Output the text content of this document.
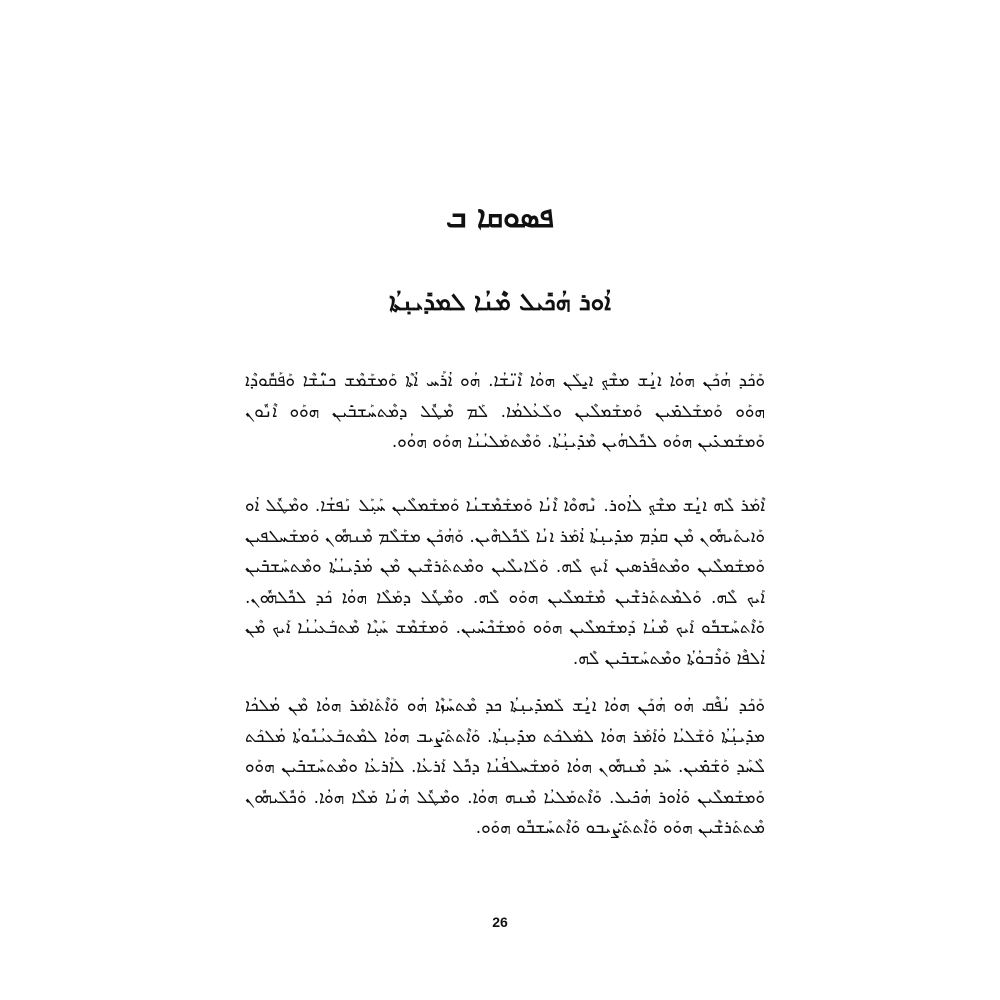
ܦܣܘܩܐ ܒ
ܐܳܘܪ ܗܳܟܺܝܠ ܡܶܢܳܐ ܠܡܕܺܝܢ݂ܬܳܐ

ܘܰܟܰܕ ܗܳܟܰܢ ܗܘܳܐ ܐ̱ܢܳܫ ܡܫܶܟ݂ ܐ̱ܝܠܰܢ ܗܘܳܐ ܐܶܢ̈ܫܳܐ. ܗܳܘ ܐܳܪܰܚ ܐܳܬܶܐ ܘܰܡܫܰܡܶܫ ܟܢ̈ܳܫܶܐ ܘܰܦܰܩܽܘܕܶܐ ܗܘܰܘ ܘܰܡܫܰܠܡܺܝܢ ܘܰܡܫܰܡܠܶܝܢ ܘܠܰܥܳܠܡܳܐ. ܠܰܡ ܡܶܛܽܠ ܕܡܶܬܚܰܫܒܺܝܢ ܗܘܰܘ ܐܶܢܽܘܢ ܘܰܡܫܰܡܥܺܝܢ ܗܘܰܘ ܠܟܽܠܗܳܝܢ ܡܶܕܺܝܢ݂ܳܬܳܐ. ܘܰܡܶܬܡܰܠܝܳܢܳܐ ܗܘܰܘ ܗܘܳܘ.

ܐܶܡܰܪ ܠܶܗ ܐ̱ܢܳܫ ܡܫܶܟ݂ ܠܐܳܘܪ. ܢܶܗܘܶܐ ܐܶܢܳܐ ܘܰܡܫܰܡܶܫܢܳܐ ܘܰܡܫܰܡܠܶܝܢ ܚܰܝ݂ܰܠ ܢܰܦܫܳܐ. ܘܡܶܛܽܠ ܐܳܘ ܘܰܐܝܬܰܝܗܽܘܢ ܡܶܢ ܩܕܳܡ ܡܕܺܝܢ݂ܬܳܐ ܐܳܡܰܪ ܐܢܳܐ ܠܰܟܽܠܗܶܝܢ. ܘܰܗܳܟܰܢ ܡܫܰܠܶܡ ܡܶܢܗܽܘܢ ܘܰܡܫܰܚܠܦܝܢ ܘܰܡܫܰܡܠܶܝܢ ܘܡܶܬܦܰܪܣܝܢ ܐܰܝܟ ܠܶܗ. ܘܰܠܰܐܝܠܶܝܢ ܘܡܶܬܬܰܪܫܶܝܢ ܡܶܢ ܡܳܕܺܝܢܳܬܳܐ ܘܡܶܬܚܰܫܒܺܝܢ ܐܰܝܟ ܠܶܗ. ܘܰܠܡܶܬܬܰܪܫܶܝܢ ܡܶܫܰܡܠܶܝܢ ܗܘܰܘ ܠܶܗ. ܘܡܶܛܽܠ ܕܡܰܠܶܐ ܗܘܳܐ ܟܰܕ ܠܟܽܠܗܽܘܢ. ܘܰܐܶܬܚܰܫܒܽܘ ܐܰܝܟ ܡܶܢܳܐ ܕܰܡܫܰܡܠܶܝܢ ܗܘܰܘ ܘܰܡܫܰܟܶܚܺܝܢ. ܘܰܡܫܰܡܶܫ ܚܰܝ݂ܶܐ ܡܶܬܒܰܥܝܳܢܳܐ ܐܰܝܟ ܡܶܢ ܐܳܠܦܶܐ ܘܰܪܶܒܘܳܬܳܐ ܘܡܶܬܚܰܫܒܺܝܢ ܠܶܗ.

ܘܰܟܰܕ ܢܳܦܶܩ ܗܳܘ ܗܳܟܰܢ ܗܘܳܐ ܐ̱ܢܳܫ ܠܰܡܕܺܝܢ݂ܬܳܐ ܟܕ ܡܶܬܚܰܙܶܐ ܗܳܘ ܘܰܐܶܬܰܐܡܰܪ ܗܘܳܐ ܡܶܢ ܡܳܠܟܳܐ ܡܕܺܝܢ݂ܳܬܳܐ ܘܰܫܰܠܝܳܐ ܘܳܐܰܡܰܪ ܗܘܳܐ ܠܡܰܠܟܰܬ ܡܕܺܝܢ݂ܬܳܐ. ܘܰܐܶܬܬܰܨܺܝܒ ܗܘܳܐ ܠܡܶܬܒܰܥܝܳܢܽܘܬܳܐ ܡܳܠܟܰܬ ܠܶܚܰܕ ܘܰܫܰܡܺܝܢ. ܚܰܕ ܡܶܢܗܽܘܢ ܗܘܳܐ ܘܰܡܫܰܚܠܦܳܢܳܐ ܕܟܽܠ ܐܰܪܥܳܐ. ܠܐܰܪܥܳܐ ܘܡܶܬܚܰܫܒܺܝܢ ܗܘܰܘ ܘܰܡܫܰܡܠܶܝܢ ܘܰܐܳܘܪ ܗܳܟܺܝܠ. ܘܰܐܶܬܡܰܠܝܳܐ ܡܶܢܗ ܗܘܳܐ. ܘܡܶܛܽܠ ܗܳܢܳܐ ܡܰܠܶܐ ܗܘܳܐ. ܘܰܟܽܠܰܝܗܽܘܢ ܡܶܬܬܰܪܫܶܝܢ ܗܘܰܘ ܘܰܐܶܬܬܰܨܺܝܒܘ ܘܰܐܶܬܚܰܫܒܽܘ ܗܘܰܘ.

26
